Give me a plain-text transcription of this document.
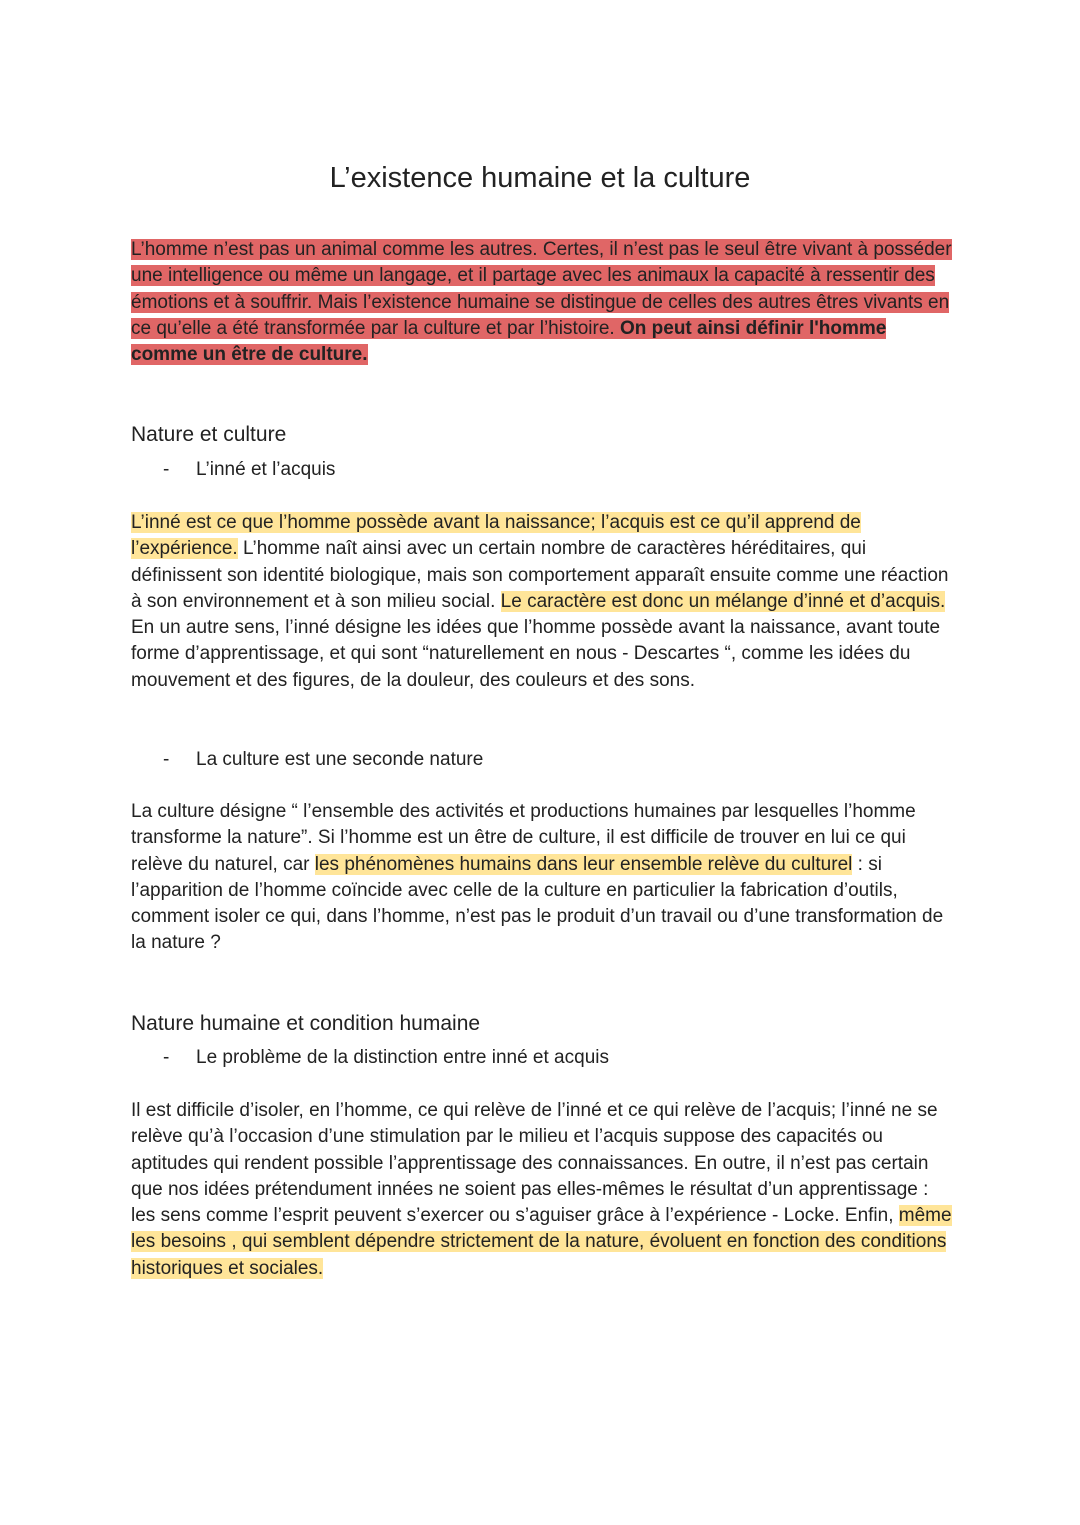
L’existence humaine et la culture

L’homme n’est pas un animal comme les autres. Certes, il n’est pas le seul être vivant à posséder une intelligence ou même un langage, et il partage avec les animaux la capacité à ressentir des émotions et à souffrir. Mais l’existence humaine se distingue de celles des autres êtres vivants en ce qu’elle a été transformée par la culture et par l’histoire. On peut ainsi définir l'homme comme un être de culture.

Nature et culture

- L’inné et l’acquis

L’inné est ce que l’homme possède avant la naissance; l’acquis est ce qu’il apprend de l’expérience. L’homme naît ainsi avec un certain nombre de caractères héréditaires, qui définissent son identité biologique, mais son comportement apparaît ensuite comme une réaction à son environnement et à son milieu social. Le caractère est donc un mélange d’inné et d’acquis. En un autre sens, l’inné désigne les idées que l’homme possède avant la naissance, avant toute forme d’apprentissage, et qui sont “naturellement en nous - Descartes “, comme les idées du mouvement et des figures, de la douleur, des couleurs et des sons.

- La culture est une seconde nature

La culture désigne “ l’ensemble des activités et productions humaines par lesquelles l’homme transforme la nature”. Si l’homme est un être de culture, il est difficile de trouver en lui ce qui relève du naturel, car les phénomènes humains dans leur ensemble relève du culturel : si l’apparition de l’homme coïncide avec celle de la culture en particulier la fabrication d’outils, comment isoler ce qui, dans l’homme, n’est pas le produit d’un travail ou d’une transformation de la nature ?

Nature humaine et condition humaine

- Le problème de la distinction entre inné et acquis

Il est difficile d’isoler, en l’homme, ce qui relève de l’inné et ce qui relève de l’acquis; l’inné ne se relève qu’à l’occasion d’une stimulation par le milieu et l’acquis suppose des capacités ou aptitudes qui rendent possible l’apprentissage des connaissances. En outre, il n’est pas certain que nos idées prétendument innées ne soient pas elles-mêmes le résultat d’un apprentissage : les sens comme l’esprit peuvent s’exercer ou s’aguiser grâce à l’expérience - Locke. Enfin, même les besoins , qui semblent dépendre strictement de la nature, évoluent en fonction des conditions historiques et sociales.
